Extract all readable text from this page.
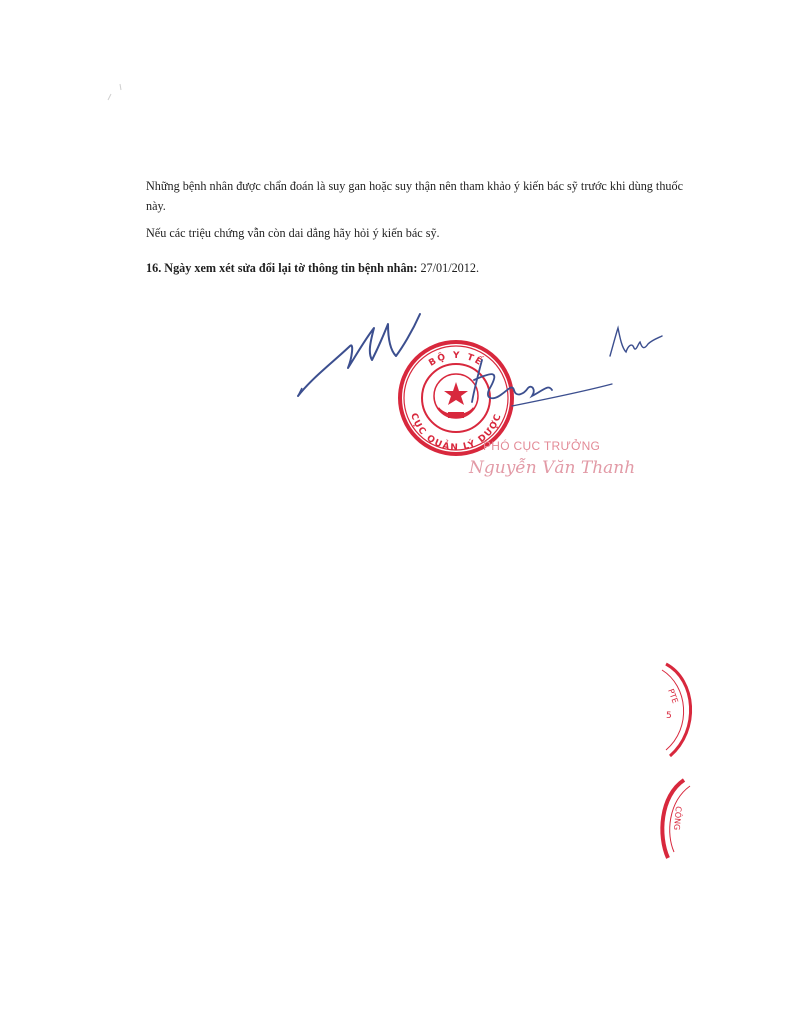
Những bệnh nhân được chẩn đoán là suy gan hoặc suy thận nên tham khảo ý kiến bác sỹ trước khi dùng thuốc này.

Nếu các triệu chứng vẫn còn dai dẳng hãy hỏi ý kiến bác sỹ.

16. Ngày xem xét sửa đổi lại tờ thông tin bệnh nhân: 27/01/2012.

BỘ Y TẾ
CỤC QUẢN LÝ DƯỢC
PHÓ CỤC TRƯỞNG
Nguyễn Văn Thanh
PTE
5
CÔNG
